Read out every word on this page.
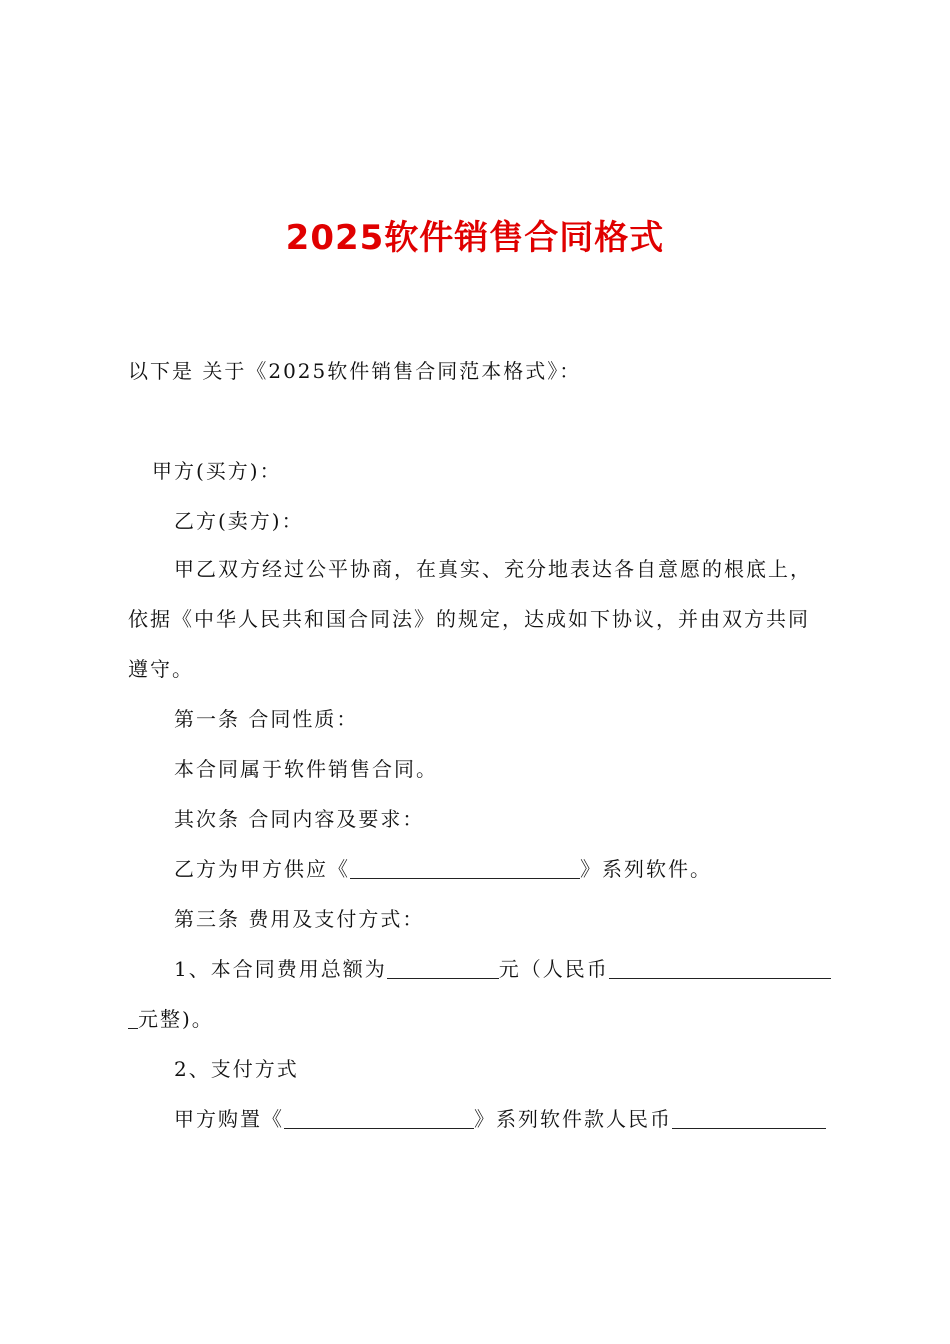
2025软件销售合同格式
以下是 关于《2025软件销售合同范本格式》：
甲方(买方)：
乙方(卖方)：
甲乙双方经过公平协商，在真实、充分地表达各自意愿的根底上，
依据《中华人民共和国合同法》的规定，达成如下协议，并由双方共同
遵守。
第一条 合同性质：
本合同属于软件销售合同。
其次条 合同内容及要求：
乙方为甲方供应《	》系列软件。
第三条 费用及支付方式：
1、本合同费用总额为	元（人民币
元整)。
2、支付方式
甲方购置《	》系列软件款人民币
